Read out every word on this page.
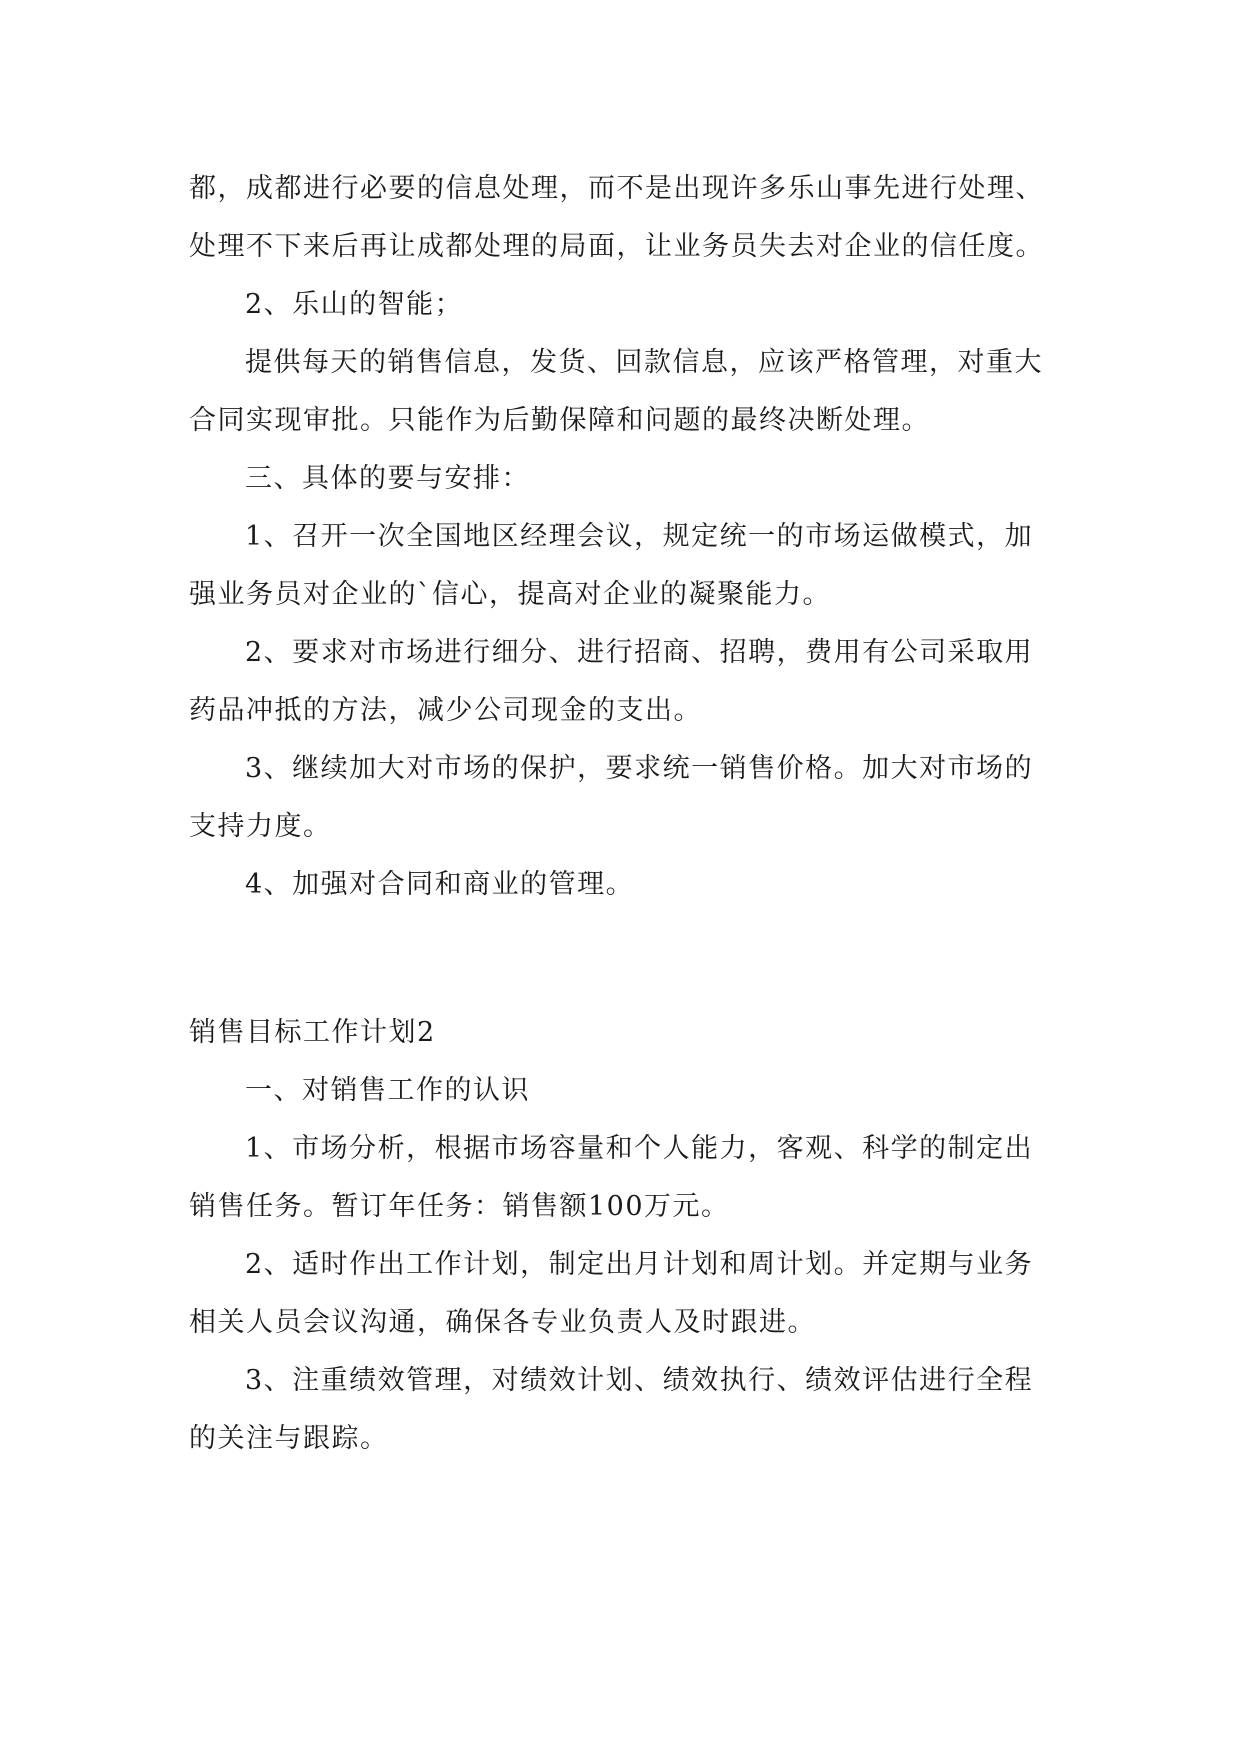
都，成都进行必要的信息处理，而不是出现许多乐山事先进行处理、

处理不下来后再让成都处理的局面，让业务员失去对企业的信任度。

2、乐山的智能；

提供每天的销售信息，发货、回款信息，应该严格管理，对重大

合同实现审批。只能作为后勤保障和问题的最终决断处理。

三、具体的要与安排：

1、召开一次全国地区经理会议，规定统一的市场运做模式，加

强业务员对企业的`信心，提高对企业的凝聚能力。

2、要求对市场进行细分、进行招商、招聘，费用有公司采取用

药品冲抵的方法，减少公司现金的支出。

3、继续加大对市场的保护，要求统一销售价格。加大对市场的

支持力度。

4、加强对合同和商业的管理。

销售目标工作计划2

一、对销售工作的认识

1、市场分析，根据市场容量和个人能力，客观、科学的制定出

销售任务。暂订年任务：销售额100万元。

2、适时作出工作计划，制定出月计划和周计划。并定期与业务

相关人员会议沟通，确保各专业负责人及时跟进。

3、注重绩效管理，对绩效计划、绩效执行、绩效评估进行全程

的关注与跟踪。
